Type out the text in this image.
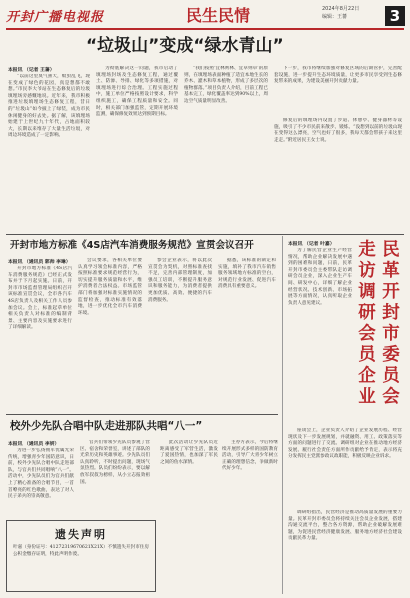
开封广播电视报	民生民情	2024年8月22日
编辑：王蕃	3
“垃圾山”变成“绿水青山”
本报讯 （记者 王蕃）

“以前这里臭气熏天，蚊虫乱飞，现在变成了绿色的花园，真是想都不敢想。”市民李大爷站在生态修复后的垃圾填埋场旁感慨地说。近年来，我市积极推进垃圾填埋场生态修复工程，昔日的“垃圾山”如今披上了绿装，成为市民休闲健身的好去处。据了解，该填埋场始建于上世纪九十年代，占地面积较大，长期以来堆存了大量生活垃圾，对周边环境造成了一定影响。

为彻底解决这一问题，我市启动了填埋场封场及生态修复工程，通过覆土、防渗、导排、绿化等多项措施，对填埋场进行综合治理。工程实施过程中，施工单位严格按照设计要求，科学组织施工，确保工程质量和安全。同时，相关部门加强监管，定期开展环境监测，确保修复效果达到预期目标。

“我们按照‘宜林则林、宜草则草’的原则，在填埋场表面种植了适宜本地生长的乔木、灌木和草本植物，形成了多层次的植物群落。”项目负责人介绍，目前工程已基本完工，绿化覆盖率达到90%以上，周边空气质量明显改善。

下一步，我市将继续加强对修复区域的后期管护，完善配套设施，进一步提升生态环境质量，让更多市民享受到生态修复带来的成果，为建设美丽开封贡献力量。

修复后的填埋场内设置了步道、休憩亭、健身器材等设施，吸引了不少市民前来散步、锻炼。“没想到以前的垃圾山现在变得这么漂亮，空气也好了很多，我每天都会带孩子来这里走走。”附近居民王女士说。

开封市地方标准《4S店汽车消费服务规范》宣贯会议召开
本报讯 （通讯员 郭帅 李琳）

开封市地方标准《4S店汽车消费服务规范》已经正式发布并于下月起实施。日前，开封市市场监督管理局组织召开该标准宣贯会议，全市各汽车4S店负责人及相关工作人员参加会议。会上，标准起草单位相关负责人对标准的编制背景、主要内容及实施要求进行了详细解读。

会议要求，各相关单位要认真学习领会标准内容，严格按照标准要求规范经营行为，切实提升服务质量和水平，维护消费者合法权益。市场监管部门将加强对标准实施情况的监督检查，推动标准有效落地，进一步优化全市汽车消费环境。

参会企业表示，将以此次宣贯会为契机，对照标准查找不足，完善内部管理制度，加强员工培训，不断提升服务意识和服务能力，为消费者提供更加优质、高效、便捷的汽车消费服务。

据悉，该标准的制定和实施，填补了我市汽车销售服务领域地方标准的空白，对规范行业发展、促进汽车消费具有重要意义。

校外少先队合唱中队走进那队共唱“八一”
本报讯 （通讯员 李妍）

为进一步弘扬拥军优属光荣传统，增强青少年国防意识，日前，校外少先队合唱中队走进部队，与官兵们共同唱响“八一”。活动中，少先队员们为官兵们献上了精心准备的合唱节目，一首首嘹亮的红色歌曲，表达了对人民子弟兵的崇高敬意。

官兵们带领少先队员参观了营区、宿舍和荣誉室，讲述了部队的光荣历史和英雄事迹。少先队员们认真聆听，不时提出问题，现场气氛热烈。队员们纷纷表示，要以解放军叔叔为榜样，从小立志报效祖国。

此次活动让少先队员近距离感受了军营生活，激发了爱国热情，也加深了军民之间的鱼水深情。

主办方表示，今后将继续开展形式多样的国防教育活动，引导广大青少年树立正确的理想信念，争做新时代好少年。

遗失声明
叶嘉（身份证号：41272319670621X21X）不慎遗失开封市住房公积金缴存证明，特此声明作废。
民
革
开
封
市
委
员
会
走
访
调
研
会
员
企
业
本报讯 （记者 叶嘉）

为了解民营企业生产经营情况，帮助企业解决发展中遇到的困难和问题，日前，民革开封市委员会主委带队走访调研会员企业，深入企业生产车间、研发中心，详细了解企业经营状况、技术创新、市场拓展等方面情况，认真听取企业负责人意见建议。

座谈会上，企业负责人介绍了企业发展历程、经营现状及下一步发展规划，并就融资、用工、政策落实等方面的问题进行了交流。调研组对企业在推动地方经济发展、履行社会责任方面所作贡献给予肯定，表示将充分发挥民主党派参政议政职能，积极反映企业诉求。

调研组指出，民营经济是推动高质量发展的重要力量。民革开封市委员会将持续关注会员企业发展，搭建沟通交流平台，整合各方资源，帮助企业破解发展难题，为促进民营经济健康发展、服务地方经济社会建设贡献民革力量。
